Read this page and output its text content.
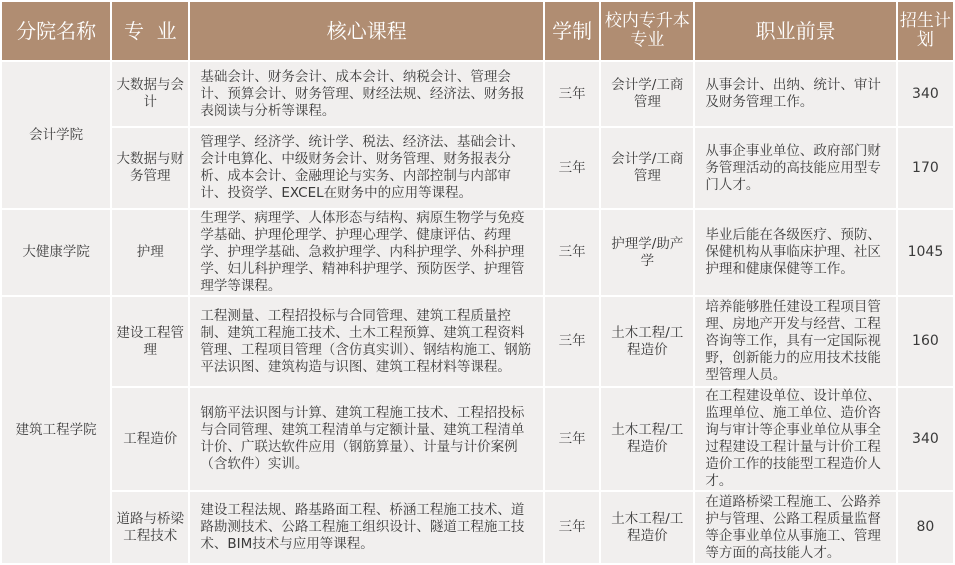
分院名称	专  业	核心课程	学制	校内专升本专业	职业前景	招生计划
会计学院	大数据与会计	基础会计、财务会计、成本会计、纳税会计、管理会计、预算会计、财务管理、财经法规、经济法、财务报表阅读与分析等课程。	三年	会计学/工商管理	从事会计、出纳、统计、审计及财务管理工作。	340
	大数据与财务管理	管理学、经济学、统计学、税法、经济法、基础会计、会计电算化、中级财务会计、财务管理、财务报表分析、成本会计、金融理论与实务、内部控制与内部审计、投资学、EXCEL在财务中的应用等课程。	三年	会计学/工商管理	从事企事业单位、政府部门财务管理活动的高技能应用型专门人才。	170
大健康学院	护理	生理学、病理学、人体形态与结构、病原生物学与免疫学基础、护理伦理学、护理心理学、健康评估、药理学、护理学基础、急救护理学、内科护理学、外科护理学、妇儿科护理学、精神科护理学、预防医学、护理管理学等课程。	三年	护理学/助产学	毕业后能在各级医疗、预防、保健机构从事临床护理、社区护理和健康保健等工作。	1045
建筑工程学院	建设工程管理	工程测量、工程招投标与合同管理、建筑工程质量控制、建筑工程施工技术、土木工程预算、建筑工程资料管理、工程项目管理（含仿真实训）、钢结构施工、钢筋平法识图、建筑构造与识图、建筑工程材料等课程。	三年	土木工程/工程造价	培养能够胜任建设工程项目管理、房地产开发与经营、工程咨询等工作，具有一定国际视野，创新能力的应用技术技能型管理人员。	160
	工程造价	钢筋平法识图与计算、建筑工程施工技术、工程招投标与合同管理、建筑工程清单与定额计量、建筑工程清单计价、广联达软件应用（钢筋算量）、计量与计价案例（含软件）实训。	三年	土木工程/工程造价	在工程建设单位、设计单位、监理单位、施工单位、造价咨询与审计等企事业单位从事全过程建设工程计量与计价工程造价工作的技能型工程造价人才。	340
	道路与桥梁工程技术	建设工程法规、路基路面工程、桥涵工程施工技术、道路勘测技术、公路工程施工组织设计、隧道工程施工技术、BIM技术与应用等课程。	三年	土木工程/工程造价	在道路桥梁工程施工、公路养护与管理、公路工程质量监督等企事业单位从事施工、管理等方面的高技能人才。	80
